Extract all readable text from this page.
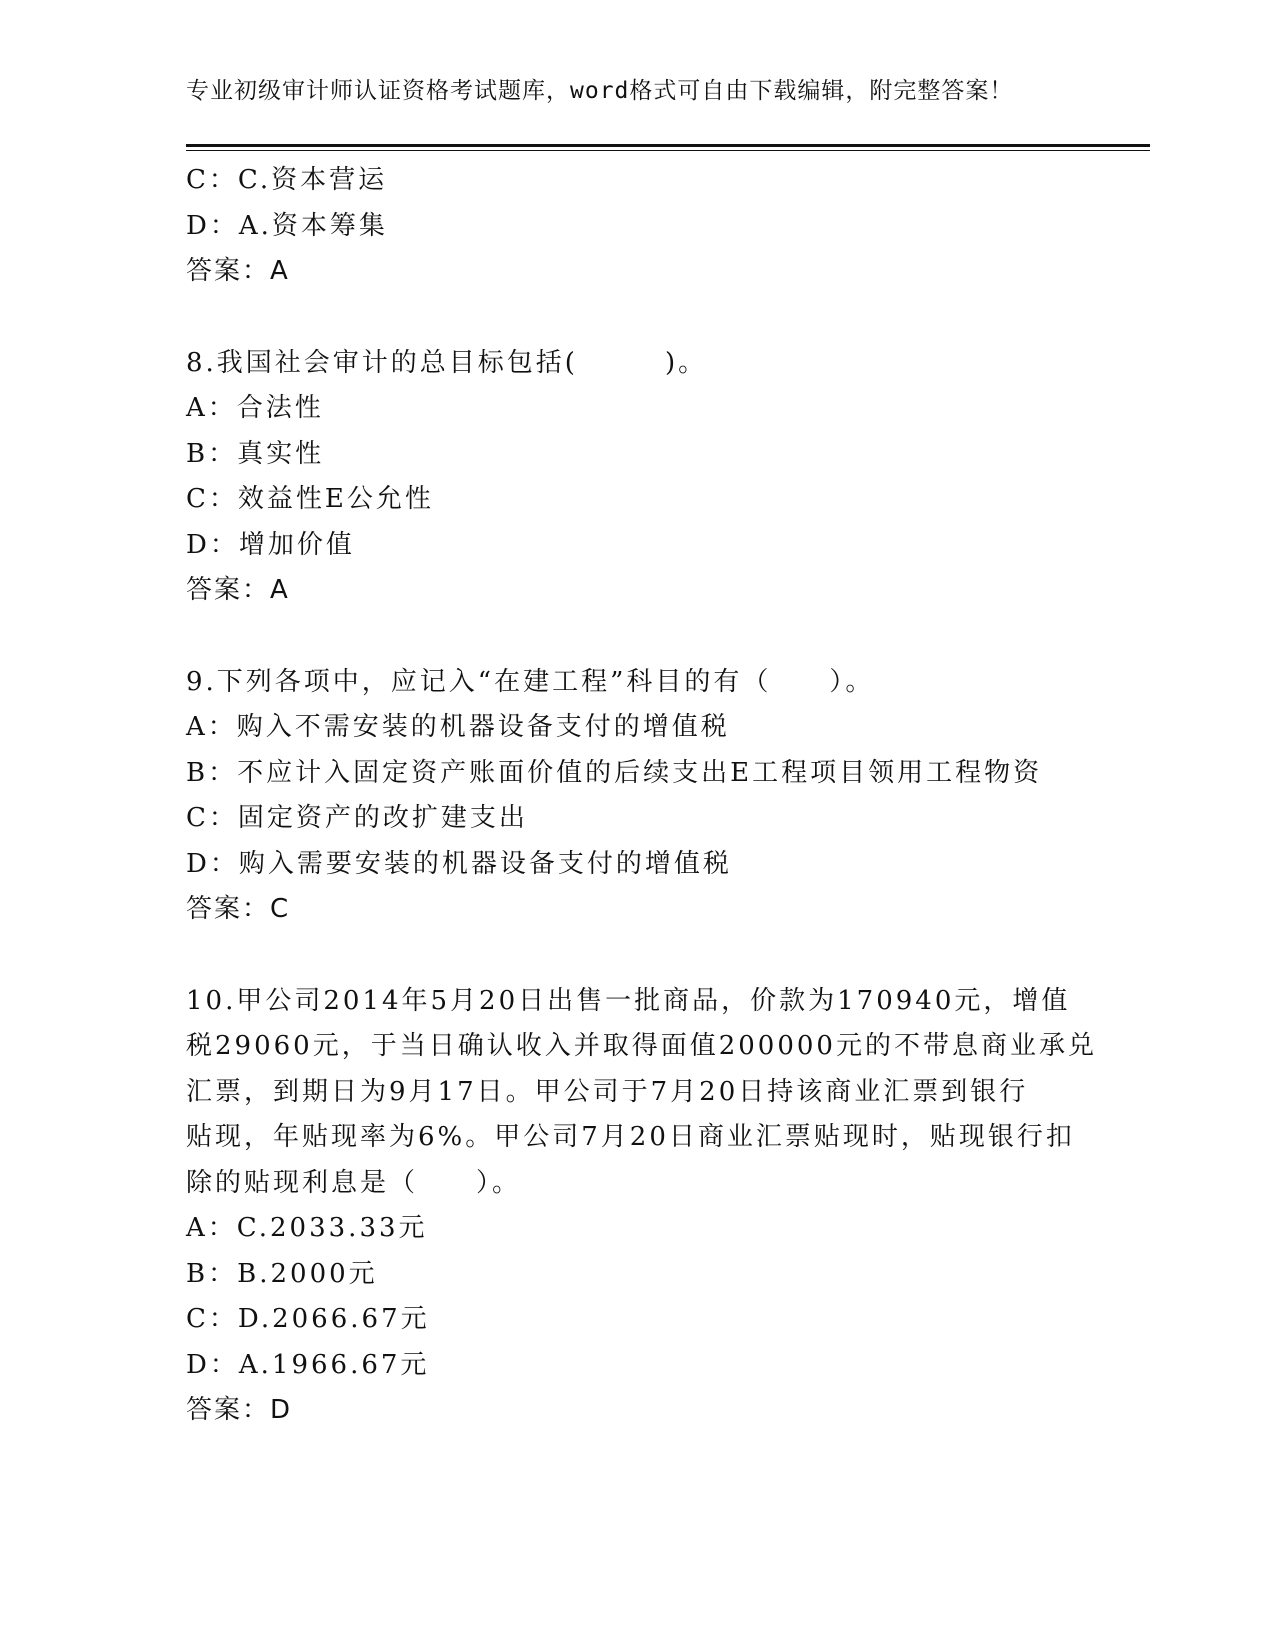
专业初级审计师认证资格考试题库，word格式可自由下载编辑，附完整答案！
C：C.资本营运
D：A.资本筹集
答案：A
8.我国社会审计的总目标包括(　　　)。
A：合法性
B：真实性
C：效益性E公允性
D：增加价值
答案：A
9.下列各项中，应记入“在建工程”科目的有（　　）。
A：购入不需安装的机器设备支付的增值税
B：不应计入固定资产账面价值的后续支出E工程项目领用工程物资
C：固定资产的改扩建支出
D：购入需要安装的机器设备支付的增值税
答案：C
10.甲公司2014年5月20日出售一批商品，价款为170940元，增值
税29060元，于当日确认收入并取得面值200000元的不带息商业承兑
汇票，到期日为9月17日。甲公司于7月20日持该商业汇票到银行
贴现，年贴现率为6%。甲公司7月20日商业汇票贴现时，贴现银行扣
除的贴现利息是（　　）。
A：C.2033.33元
B：B.2000元
C：D.2066.67元
D：A.1966.67元
答案：D
